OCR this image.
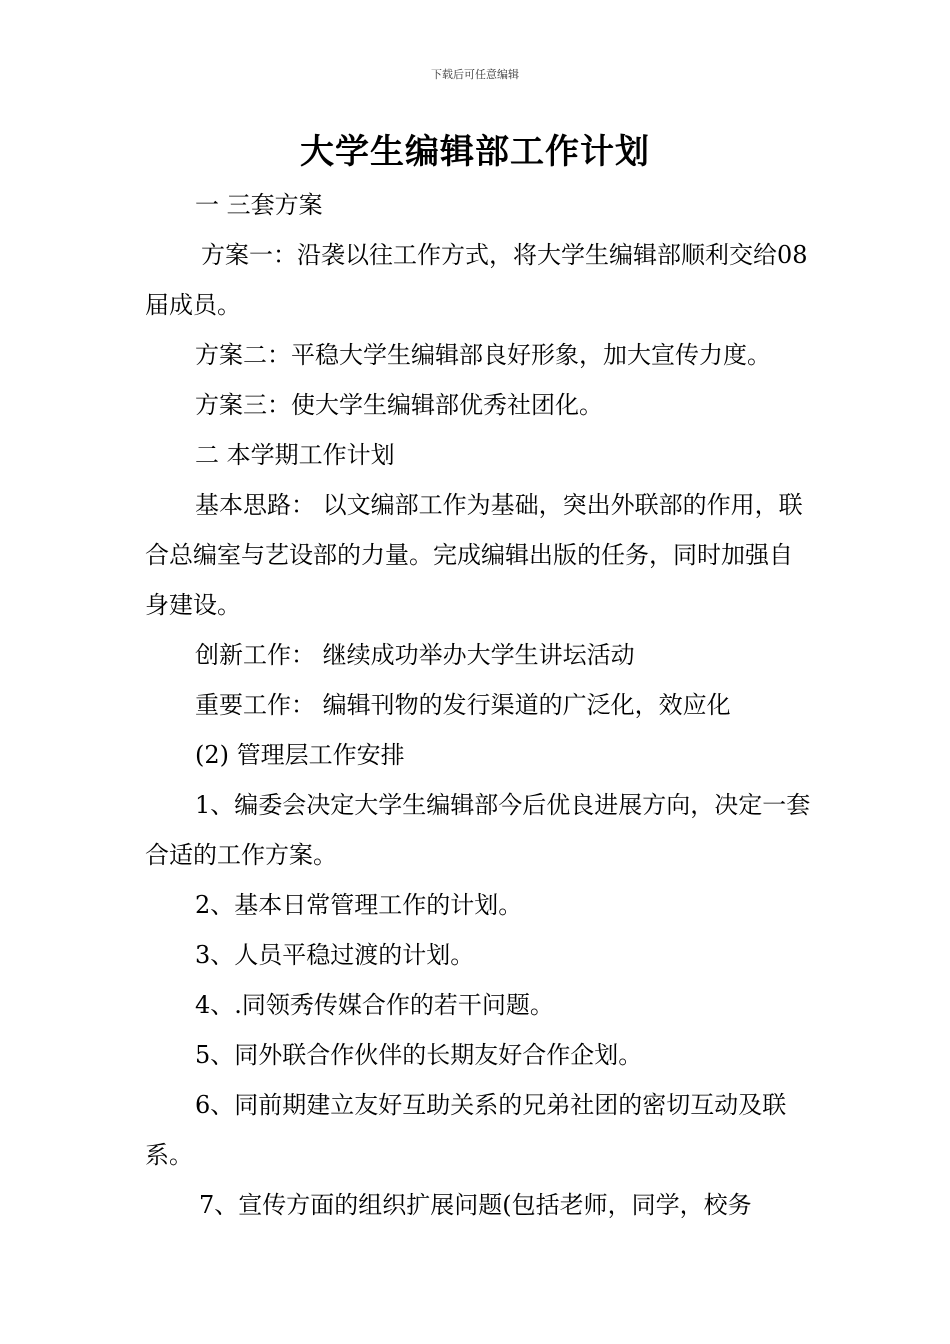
下载后可任意编辑
大学生编辑部工作计划

一 三套方案

方案一：沿袭以往工作方式，将大学生编辑部顺利交给08届成员。

方案二：平稳大学生编辑部良好形象，加大宣传力度。

方案三：使大学生编辑部优秀社团化。

二 本学期工作计划

基本思路： 以文编部工作为基础，突出外联部的作用，联合总编室与艺设部的力量。完成编辑出版的任务，同时加强自身建设。

创新工作： 继续成功举办大学生讲坛活动

重要工作： 编辑刊物的发行渠道的广泛化，效应化

(2) 管理层工作安排

1、编委会决定大学生编辑部今后优良进展方向，决定一套合适的工作方案。

2、基本日常管理工作的计划。

3、人员平稳过渡的计划。

4、.同领秀传媒合作的若干问题。

5、同外联合作伙伴的长期友好合作企划。

6、同前期建立友好互助关系的兄弟社团的密切互动及联系。

7、宣传方面的组织扩展问题(包括老师，同学，校务
